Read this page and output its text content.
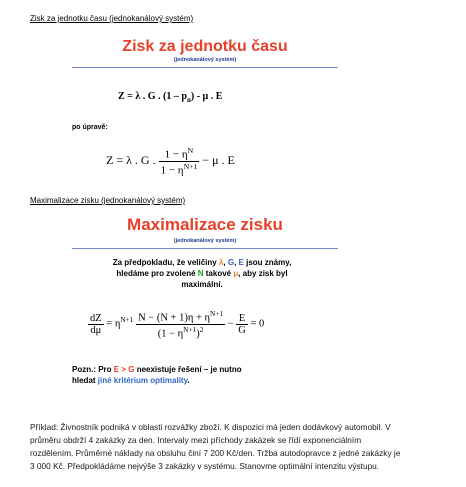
Zisk za jednotku času (jednokanálový systém)
Zisk za jednotku času
(jednokanálový systém)
Z = λ . G . $(1 - p_n)$ - μ . E
po úpravě:
Z = λ . G . $\frac{1 - \eta^N}{1 - \eta^{N+1}} - \mu$ . E
Maximalizace zisku (jednokanálový systém)
Maximalizace zisku
(jednokanálový systém)
Za předpokladu, že veličiny λ, G, E jsou známy,
hledáme pro zvolené N takové μ, aby zisk byl
maximální.
$\frac{dZ}{d\mu} = \eta^{N+1} \frac{N - (N + 1)\eta + \eta^{N+1}}{(1 - \eta^{N+1})^2} - \frac{E}{G} = 0$
Pozn.: Pro E > G neexistuje řešení – je nutno
hledat jiné kritérium optimality.
Příklad: Živnostník podniká v oblasti rozvážky zboží. K dispozici má jeden dodávkový automobil. V
průměru obdrží 4 zakázky za den. Intervaly mezi příchody zakázek se řídí exponenciálním
rozdělením. Průměrné náklady na obsluhu činí 7 200 Kč/den. Tržba autodopravce z jedné zakázky je
3 000 Kč. Předpokládáme nejvýše 3 zakázky v systému. Stanovme optimální intenzitu výstupu.
